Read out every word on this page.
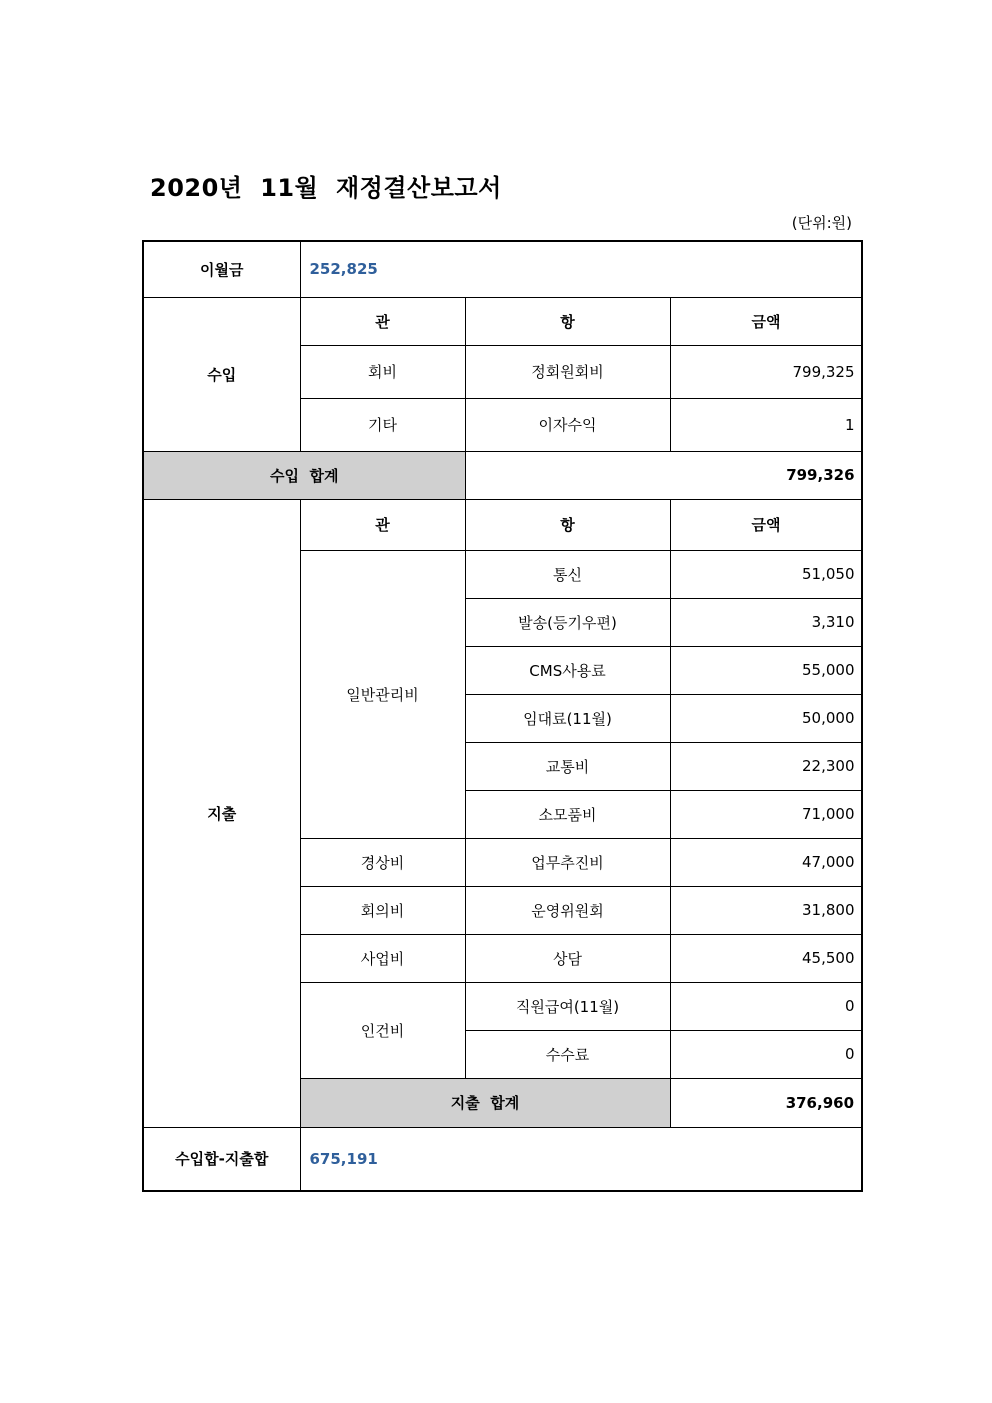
2020년  11월  재정결산보고서
(단위:원)
이월금	252,825		
수입	관	항	금액
	회비	정회원회비	799,325
	기타	이자수익	1
수입  합계		799,326	
지출	관	항	금액
	일반관리비	통신	51,050
		발송(등기우편)	3,310
		CMS사용료	55,000
		임대료(11월)	50,000
		교통비	22,300
		소모품비	71,000
	경상비	업무추진비	47,000
	회의비	운영위원회	31,800
	사업비	상담	45,500
	인건비	직원급여(11월)	0
		수수료	0
	지출  합계		376,960
수입합-지출합	675,191		
